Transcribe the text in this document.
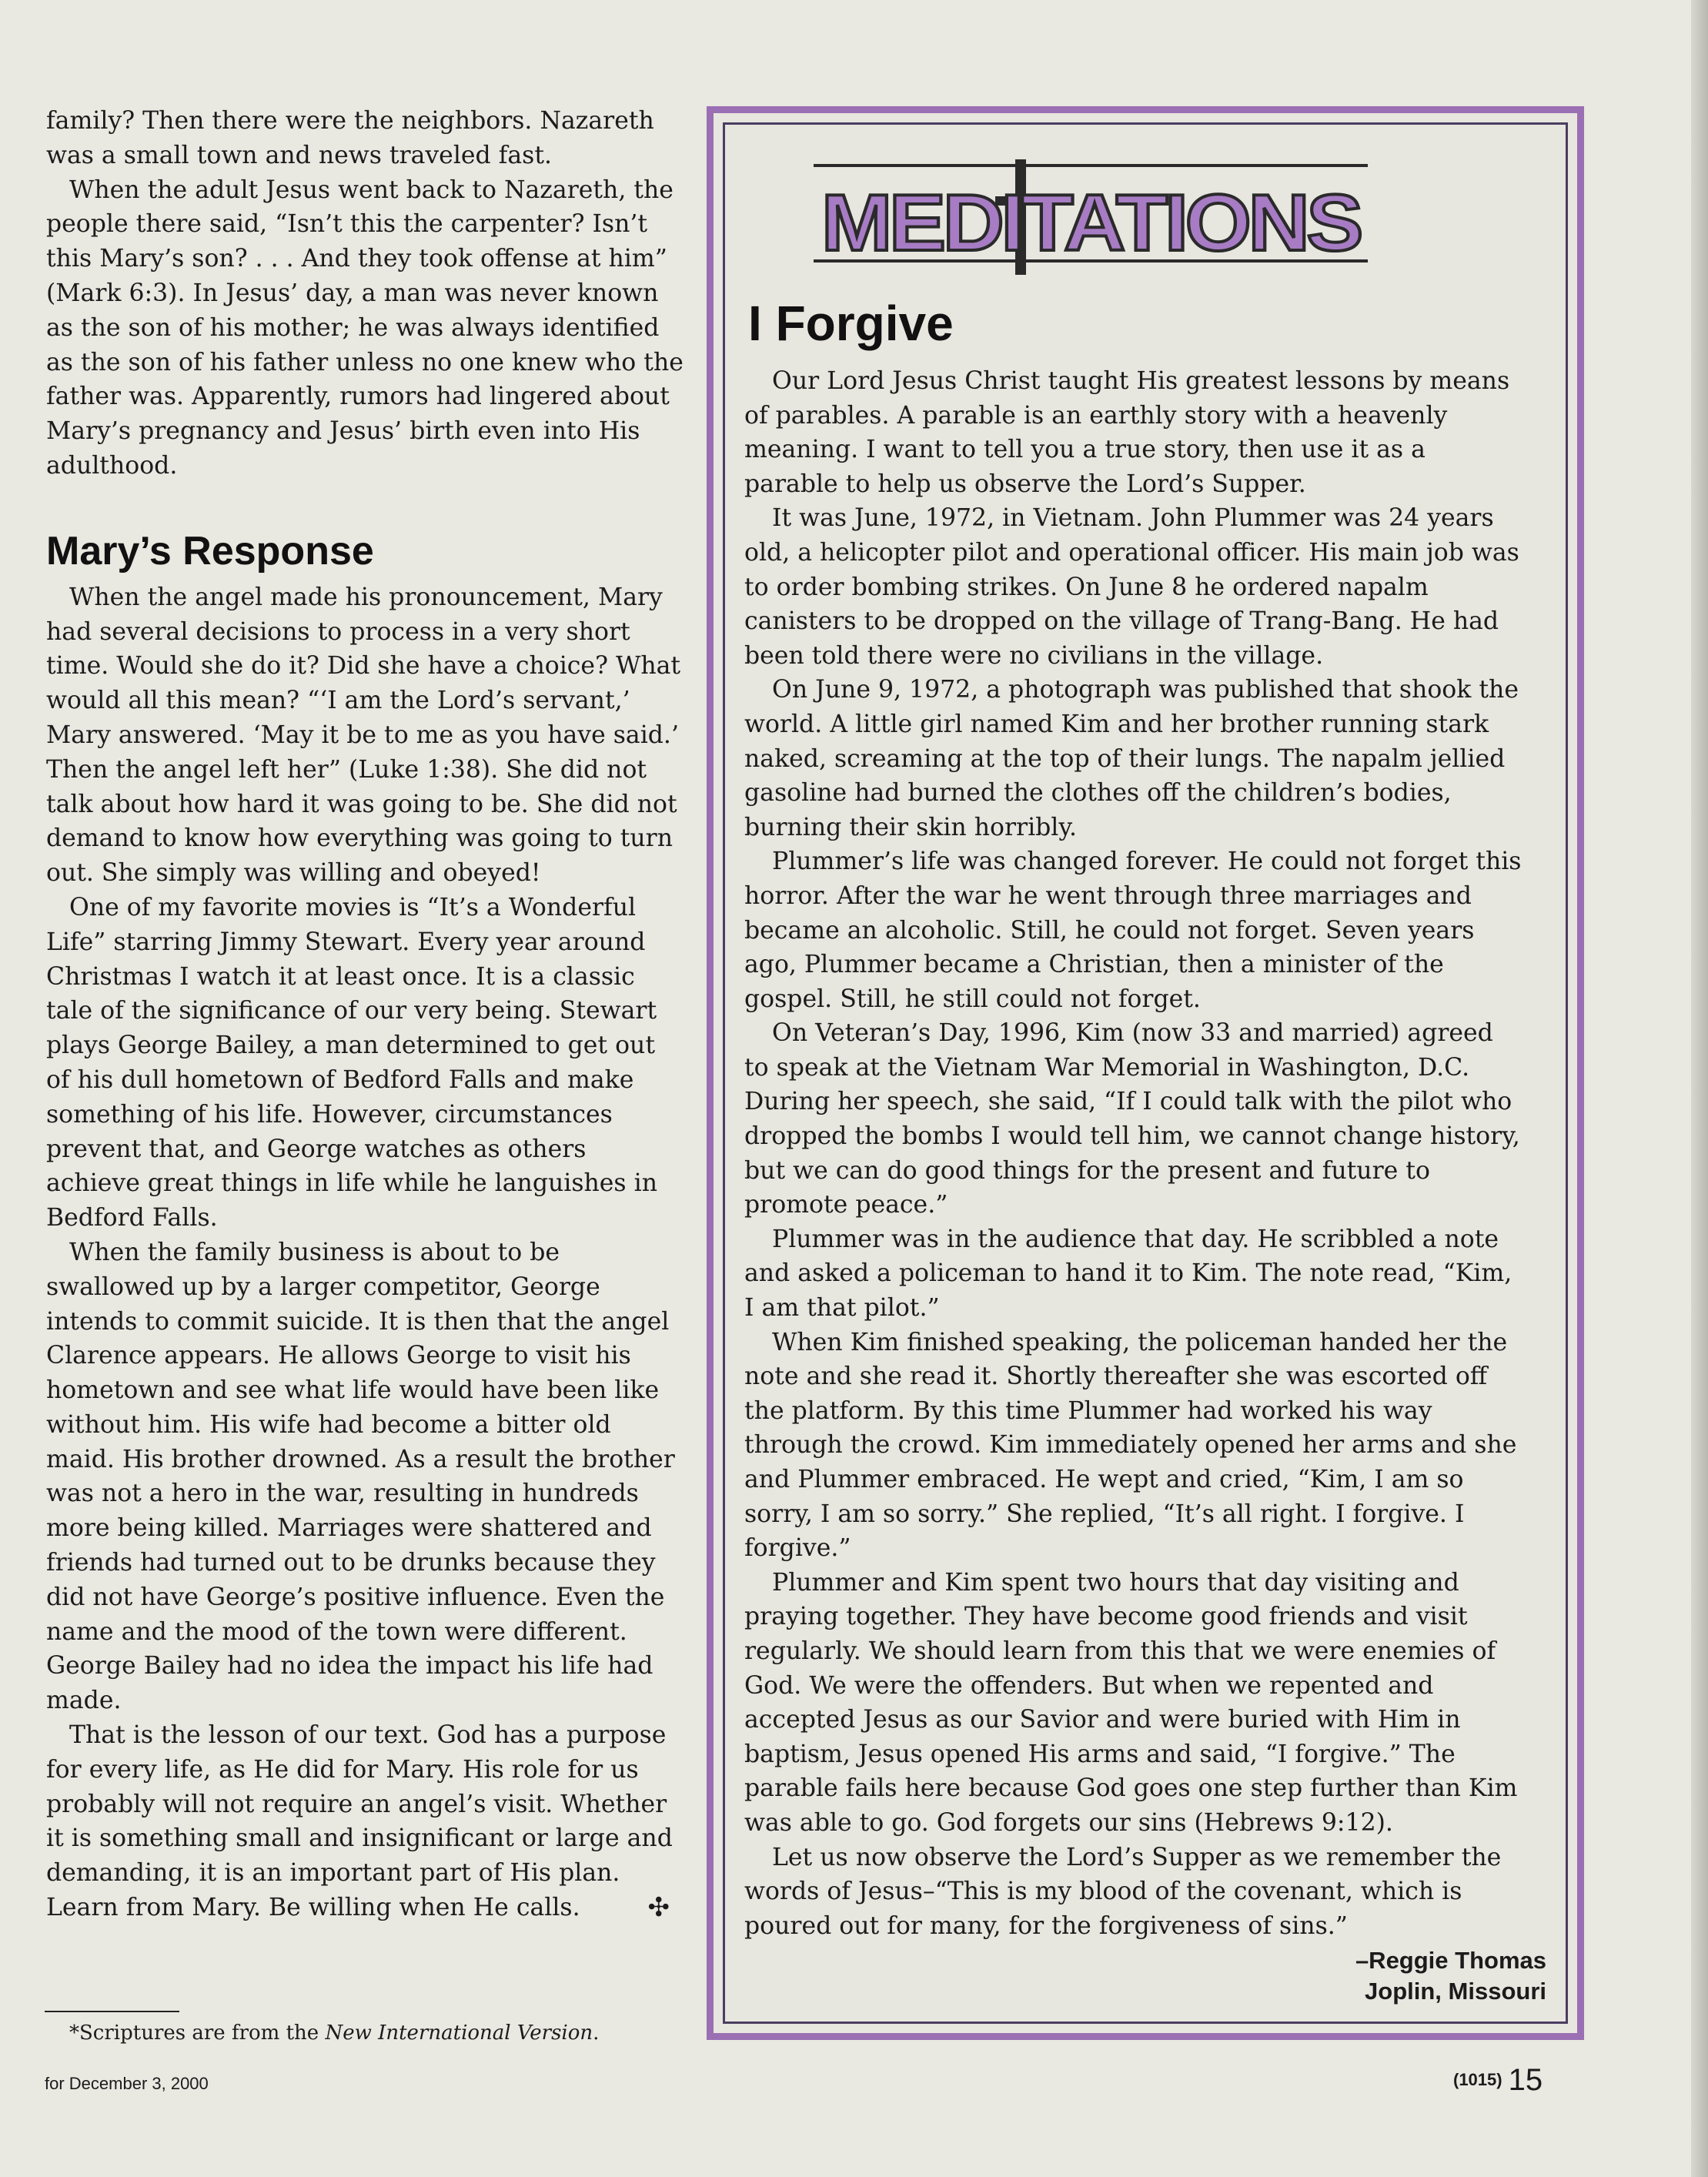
family? Then there were the neighbors. Nazareth was a small town and news traveled fast.

When the adult Jesus went back to Nazareth, the people there said, “Isn’t this the carpenter? Isn’t this Mary’s son? . . . And they took offense at him” (Mark 6:3). In Jesus’ day, a man was never known as the son of his mother; he was always identified as the son of his father unless no one knew who the father was. Apparently, rumors had lingered about Mary’s pregnancy and Jesus’ birth even into His adulthood.

Mary’s Response

When the angel made his pronouncement, Mary had several decisions to process in a very short time. Would she do it? Did she have a choice? What would all this mean? “‘I am the Lord’s servant,’ Mary answered. ‘May it be to me as you have said.’ Then the angel left her” (Luke 1:38). She did not talk about how hard it was going to be. She did not demand to know how everything was going to turn out. She simply was willing and obeyed!

One of my favorite movies is “It’s a Wonderful Life” starring Jimmy Stewart. Every year around Christmas I watch it at least once. It is a classic tale of the significance of our very being. Stewart plays George Bailey, a man determined to get out of his dull hometown of Bedford Falls and make something of his life. However, circumstances prevent that, and George watches as others achieve great things in life while he languishes in Bedford Falls.

When the family business is about to be swallowed up by a larger competitor, George intends to commit suicide. It is then that the angel Clarence appears. He allows George to visit his hometown and see what life would have been like without him. His wife had become a bitter old maid. His brother drowned. As a result the brother was not a hero in the war, resulting in hundreds more being killed. Marriages were shattered and friends had turned out to be drunks because they did not have George’s positive influence. Even the name and the mood of the town were different. George Bailey had no idea the impact his life had made.

That is the lesson of our text. God has a purpose for every life, as He did for Mary. His role for us probably will not require an angel’s visit. Whether it is something small and insignificant or large and demanding, it is an important part of His plan. Learn from Mary. Be willing when He calls.	✣

*Scriptures are from the New International Version.
for December 3, 2000	(1015) 15
MEDITATIONS
I Forgive

Our Lord Jesus Christ taught His greatest lessons by means of parables. A parable is an earthly story with a heavenly meaning. I want to tell you a true story, then use it as a parable to help us observe the Lord’s Supper.

It was June, 1972, in Vietnam. John Plummer was 24 years old, a helicopter pilot and operational officer. His main job was to order bombing strikes. On June 8 he ordered napalm canisters to be dropped on the village of Trang-Bang. He had been told there were no civilians in the village.

On June 9, 1972, a photograph was published that shook the world. A little girl named Kim and her brother running stark naked, screaming at the top of their lungs. The napalm jellied gasoline had burned the clothes off the children’s bodies, burning their skin horribly.

Plummer’s life was changed forever. He could not forget this horror. After the war he went through three marriages and became an alcoholic. Still, he could not forget. Seven years ago, Plummer became a Christian, then a minister of the gospel. Still, he still could not forget.

On Veteran’s Day, 1996, Kim (now 33 and married) agreed to speak at the Vietnam War Memorial in Washington, D.C. During her speech, she said, “If I could talk with the pilot who dropped the bombs I would tell him, we cannot change history, but we can do good things for the present and future to promote peace.”

Plummer was in the audience that day. He scribbled a note and asked a policeman to hand it to Kim. The note read, “Kim, I am that pilot.”

When Kim finished speaking, the policeman handed her the note and she read it. Shortly thereafter she was escorted off the platform. By this time Plummer had worked his way through the crowd. Kim immediately opened her arms and she and Plummer embraced. He wept and cried, “Kim, I am so sorry, I am so sorry.” She replied, “It’s all right. I forgive. I forgive.”

Plummer and Kim spent two hours that day visiting and praying together. They have become good friends and visit regularly. We should learn from this that we were enemies of God. We were the offenders. But when we repented and accepted Jesus as our Savior and were buried with Him in baptism, Jesus opened His arms and said, “I forgive.” The parable fails here because God goes one step further than Kim was able to go. God forgets our sins (Hebrews 9:12).

Let us now observe the Lord’s Supper as we remember the words of Jesus–“This is my blood of the covenant, which is poured out for many, for the forgiveness of sins.”

–Reggie Thomas
Joplin, Missouri
